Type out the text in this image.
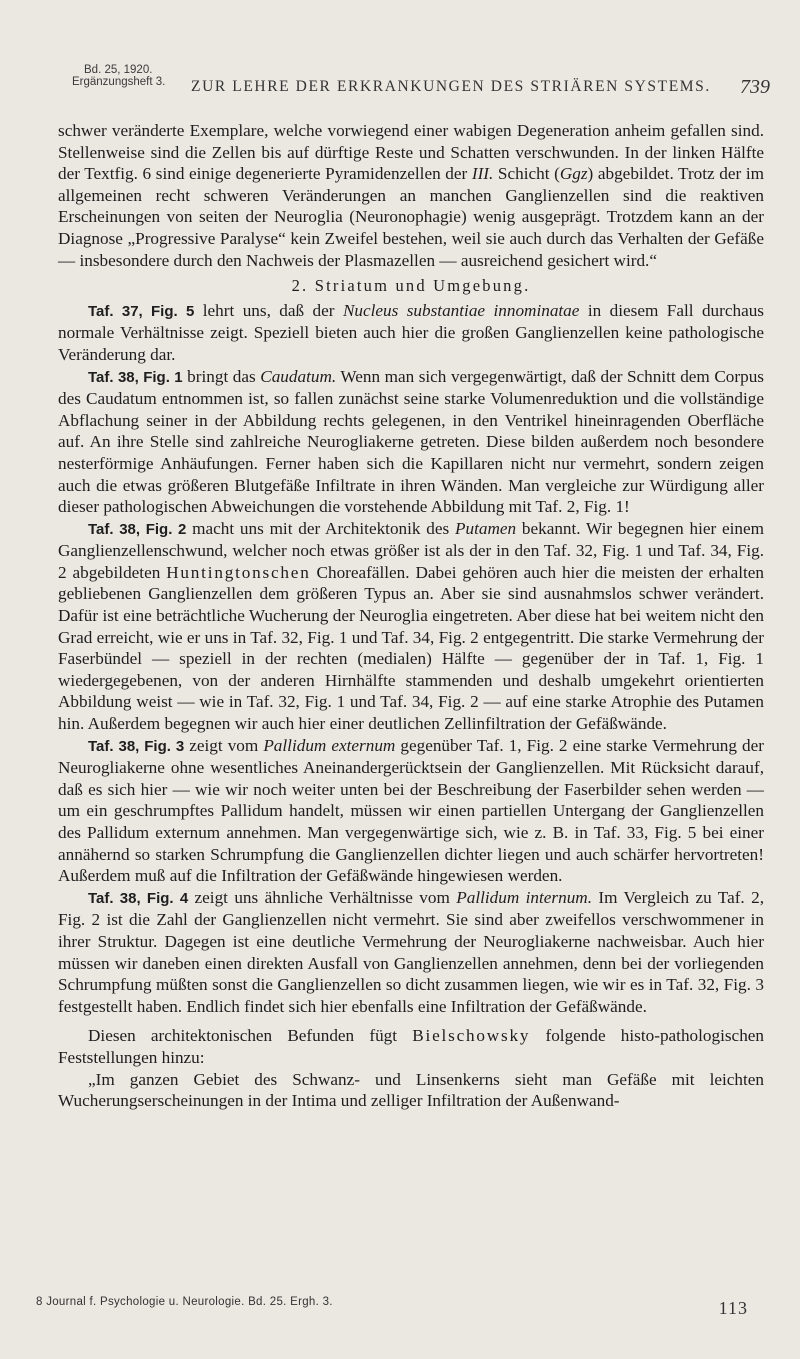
Bd. 25, 1920.
Ergänzungsheft 3. ZUR LEHRE DER ERKRANKUNGEN DES STRIÄREN SYSTEMS. 739

schwer veränderte Exemplare, welche vorwiegend einer wabigen Degeneration anheim gefallen sind. Stellenweise sind die Zellen bis auf dürftige Reste und Schatten verschwunden. In der linken Hälfte der Textfig. 6 sind einige degenerierte Pyramidenzellen der III. Schicht (Ggz) abgebildet. Trotz der im allgemeinen recht schweren Veränderungen an manchen Ganglienzellen sind die reaktiven Erscheinungen von seiten der Neuroglia (Neuronophagie) wenig ausgeprägt. Trotzdem kann an der Diagnose „Progressive Paralyse“ kein Zweifel bestehen, weil sie auch durch das Verhalten der Gefäße — insbesondere durch den Nachweis der Plasmazellen — ausreichend gesichert wird.“

2. Striatum und Umgebung.

Taf. 37, Fig. 5 lehrt uns, daß der Nucleus substantiae innominatae in diesem Fall durchaus normale Verhältnisse zeigt. Speziell bieten auch hier die großen Ganglienzellen keine pathologische Veränderung dar.

Taf. 38, Fig. 1 bringt das Caudatum. Wenn man sich vergegenwärtigt, daß der Schnitt dem Corpus des Caudatum entnommen ist, so fallen zunächst seine starke Volumenreduktion und die vollständige Abflachung seiner in der Abbildung rechts gelegenen, in den Ventrikel hineinragenden Oberfläche auf. An ihre Stelle sind zahlreiche Neurogliakerne getreten. Diese bilden außerdem noch besondere nesterförmige Anhäufungen. Ferner haben sich die Kapillaren nicht nur vermehrt, sondern zeigen auch die etwas größeren Blutgefäße Infiltrate in ihren Wänden. Man vergleiche zur Würdigung aller dieser pathologischen Abweichungen die vorstehende Abbildung mit Taf. 2, Fig. 1!

Taf. 38, Fig. 2 macht uns mit der Architektonik des Putamen bekannt. Wir begegnen hier einem Ganglienzellenschwund, welcher noch etwas größer ist als der in den Taf. 32, Fig. 1 und Taf. 34, Fig. 2 abgebildeten Huntingtonschen Choreafällen. Dabei gehören auch hier die meisten der erhalten gebliebenen Ganglienzellen dem größeren Typus an. Aber sie sind ausnahmslos schwer verändert. Dafür ist eine beträchtliche Wucherung der Neuroglia eingetreten. Aber diese hat bei weitem nicht den Grad erreicht, wie er uns in Taf. 32, Fig. 1 und Taf. 34, Fig. 2 entgegentritt. Die starke Vermehrung der Faserbündel — speziell in der rechten (medialen) Hälfte — gegenüber der in Taf. 1, Fig. 1 wiedergegebenen, von der anderen Hirnhälfte stammenden und deshalb umgekehrt orientierten Abbildung weist — wie in Taf. 32, Fig. 1 und Taf. 34, Fig. 2 — auf eine starke Atrophie des Putamen hin. Außerdem begegnen wir auch hier einer deutlichen Zellinfiltration der Gefäßwände.

Taf. 38, Fig. 3 zeigt vom Pallidum externum gegenüber Taf. 1, Fig. 2 eine starke Vermehrung der Neurogliakerne ohne wesentliches Aneinandergerücktsein der Ganglienzellen. Mit Rücksicht darauf, daß es sich hier — wie wir noch weiter unten bei der Beschreibung der Faserbilder sehen werden — um ein geschrumpftes Pallidum handelt, müssen wir einen partiellen Untergang der Ganglienzellen des Pallidum externum annehmen. Man vergegenwärtige sich, wie z. B. in Taf. 33, Fig. 5 bei einer annähernd so starken Schrumpfung die Ganglienzellen dichter liegen und auch schärfer hervortreten! Außerdem muß auf die Infiltration der Gefäßwände hingewiesen werden.

Taf. 38, Fig. 4 zeigt uns ähnliche Verhältnisse vom Pallidum internum. Im Vergleich zu Taf. 2, Fig. 2 ist die Zahl der Ganglienzellen nicht vermehrt. Sie sind aber zweifellos verschwommener in ihrer Struktur. Dagegen ist eine deutliche Vermehrung der Neurogliakerne nachweisbar. Auch hier müssen wir daneben einen direkten Ausfall von Ganglienzellen annehmen, denn bei der vorliegenden Schrumpfung müßten sonst die Ganglienzellen so dicht zusammen liegen, wie wir es in Taf. 32, Fig. 3 festgestellt haben. Endlich findet sich hier ebenfalls eine Infiltration der Gefäßwände.

Diesen architektonischen Befunden fügt Bielschowsky folgende histo-pathologischen Feststellungen hinzu:

„Im ganzen Gebiet des Schwanz- und Linsenkerns sieht man Gefäße mit leichten Wucherungserscheinungen in der Intima und zelliger Infiltration der Außenwand-

8 Journal f. Psychologie u. Neurologie. Bd. 25. Ergh. 3.	113
